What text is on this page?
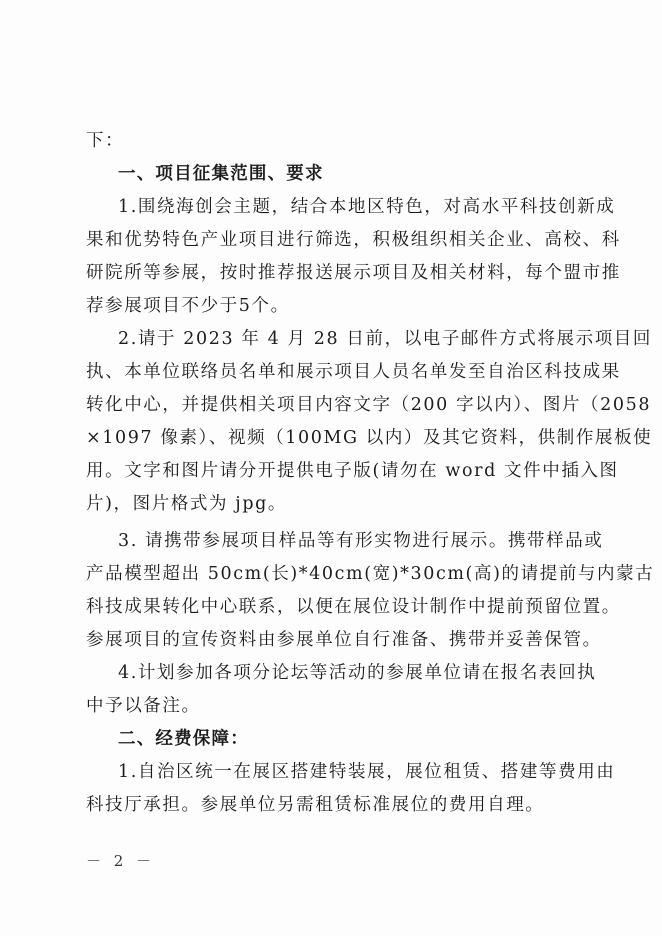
下：
一、项目征集范围、要求
1.围绕海创会主题，结合本地区特色，对高水平科技创新成
果和优势特色产业项目进行筛选，积极组织相关企业、高校、科
研院所等参展，按时推荐报送展示项目及相关材料，每个盟市推
荐参展项目不少于5个。
2.请于 2023 年 4 月 28 日前，以电子邮件方式将展示项目回
执、本单位联络员名单和展示项目人员名单发至自治区科技成果
转化中心，并提供相关项目内容文字（200 字以内）、图片（2058
×1097 像素）、视频（100MG 以内）及其它资料，供制作展板使
用。文字和图片请分开提供电子版(请勿在 word 文件中插入图
片)，图片格式为 jpg。
3. 请携带参展项目样品等有形实物进行展示。携带样品或
产品模型超出 50cm(长)*40cm(宽)*30cm(高)的请提前与内蒙古
科技成果转化中心联系，以便在展位设计制作中提前预留位置。
参展项目的宣传资料由参展单位自行准备、携带并妥善保管。
4.计划参加各项分论坛等活动的参展单位请在报名表回执
中予以备注。
二、经费保障：
1.自治区统一在展区搭建特装展，展位租赁、搭建等费用由
科技厅承担。参展单位另需租赁标准展位的费用自理。
－ 2 －
